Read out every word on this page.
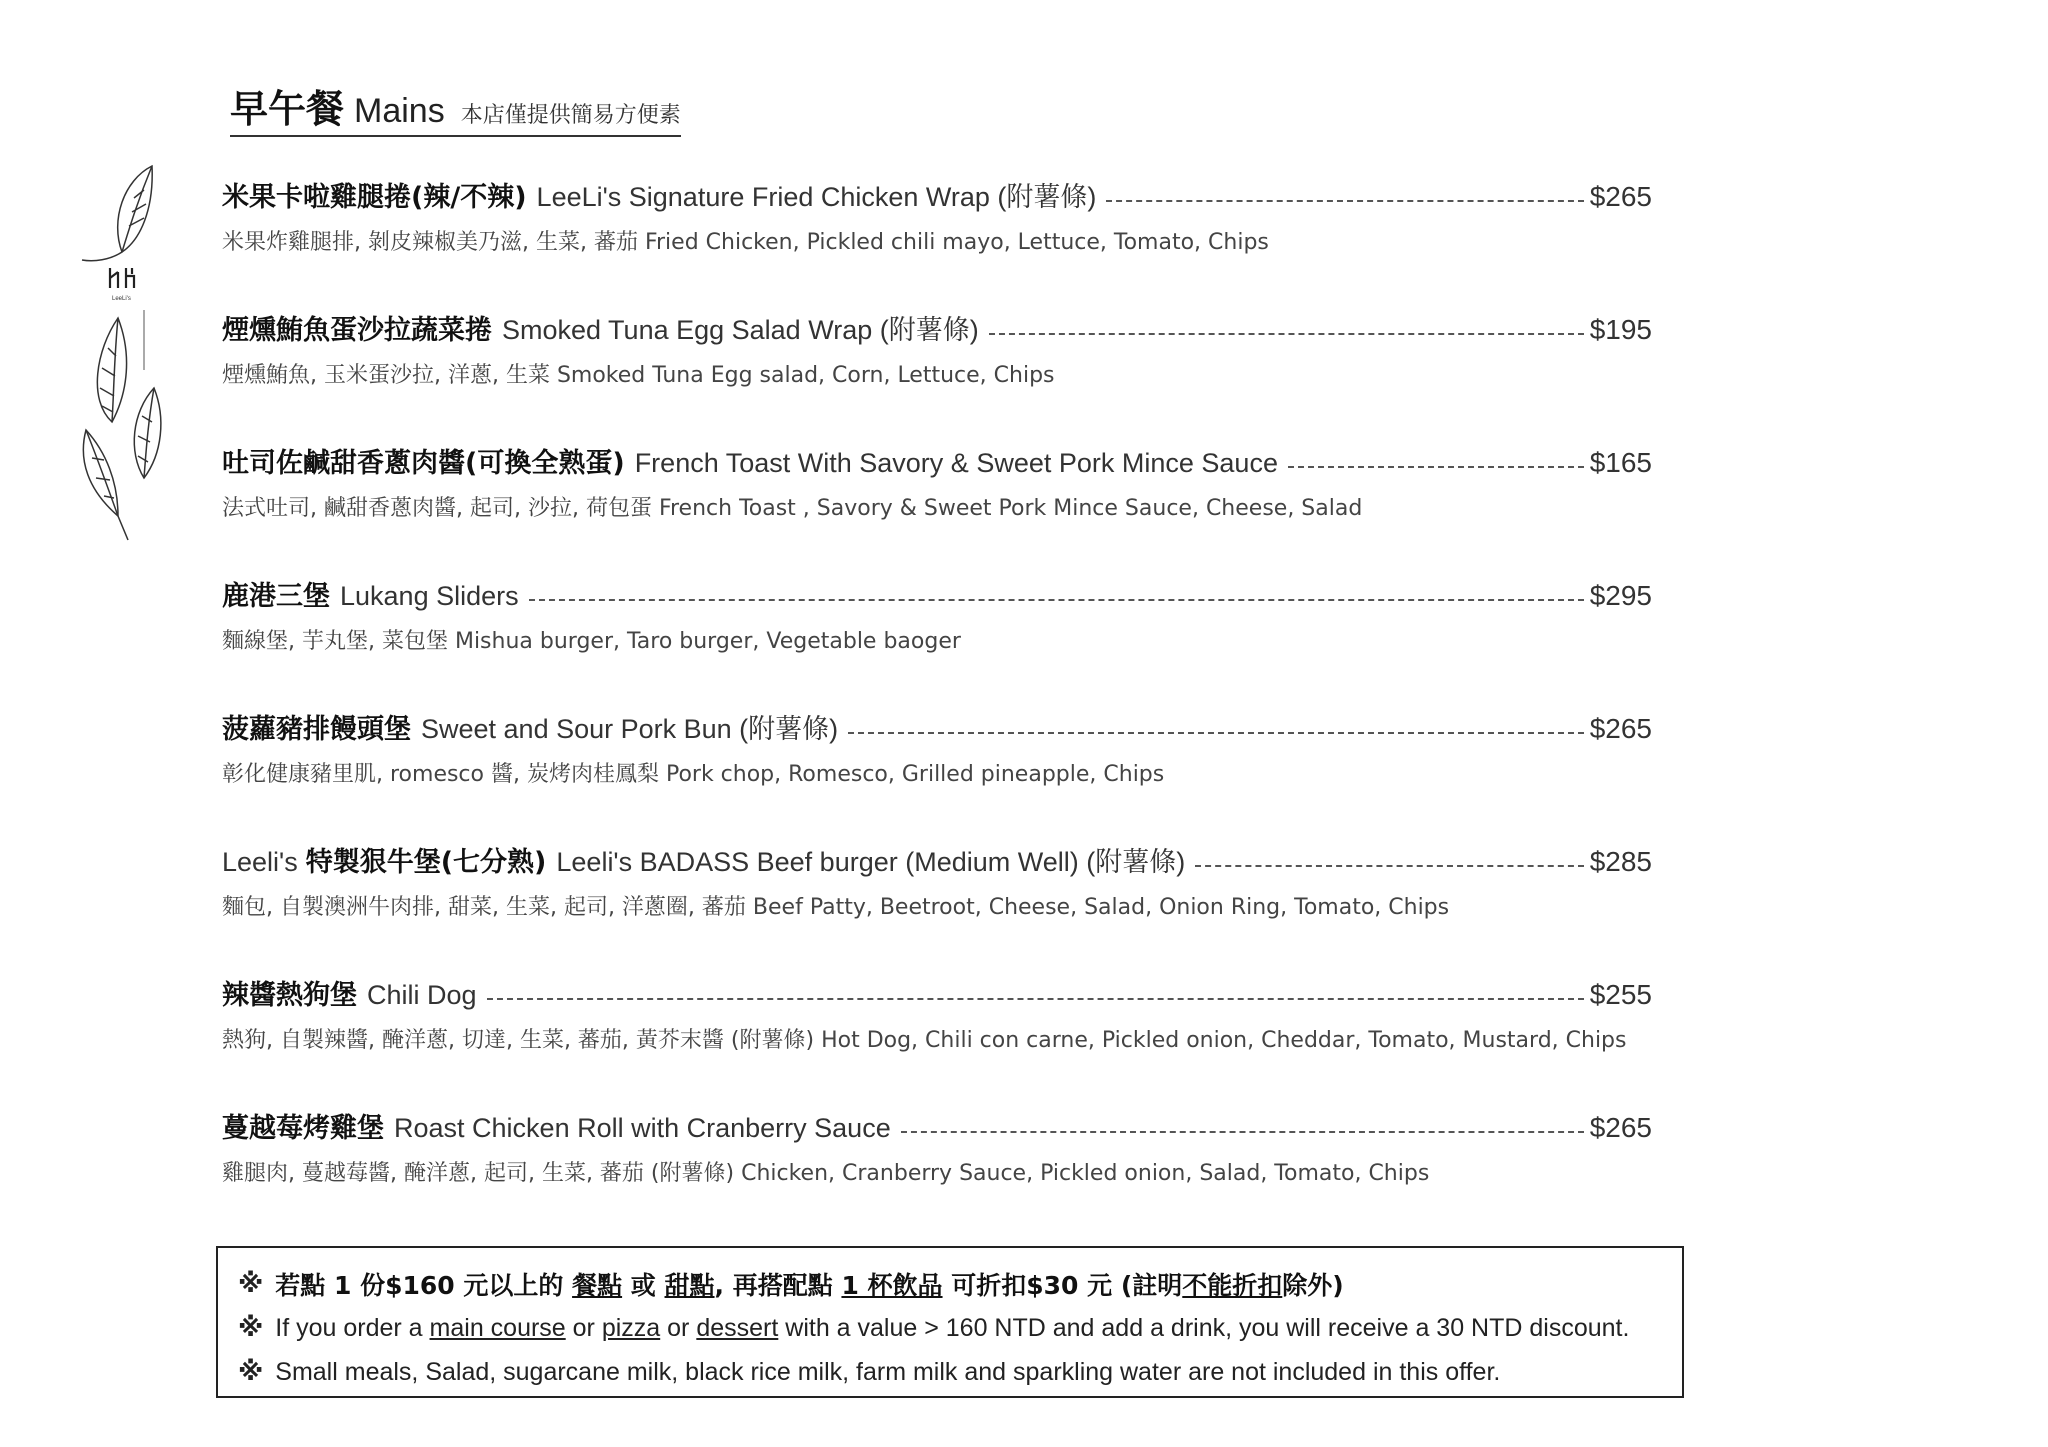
早午餐 Mains 本店僅提供簡易方便素
LeeLi's
米果卡啦雞腿捲(辣/不辣) LeeLi's Signature Fried Chicken Wrap (附薯條)	$265
米果炸雞腿排, 剝皮辣椒美乃滋, 生菜, 蕃茄 Fried Chicken, Pickled chili mayo, Lettuce, Tomato, Chips
煙燻鮪魚蛋沙拉蔬菜捲 Smoked Tuna Egg Salad Wrap (附薯條)	$195
煙燻鮪魚, 玉米蛋沙拉, 洋蔥, 生菜 Smoked Tuna Egg salad, Corn, Lettuce, Chips
吐司佐鹹甜香蔥肉醬(可換全熟蛋) French Toast With Savory & Sweet Pork Mince Sauce	$165
法式吐司, 鹹甜香蔥肉醬, 起司, 沙拉, 荷包蛋 French Toast , Savory & Sweet Pork Mince Sauce, Cheese, Salad
鹿港三堡 Lukang Sliders	$295
麵線堡, 芋丸堡, 菜包堡 Mishua burger, Taro burger, Vegetable baoger
菠蘿豬排饅頭堡 Sweet and Sour Pork Bun (附薯條)	$265
彰化健康豬里肌, romesco 醬, 炭烤肉桂鳳梨 Pork chop, Romesco, Grilled pineapple, Chips
Leeli's 特製狠牛堡(七分熟) Leeli's BADASS Beef burger (Medium Well) (附薯條)	$285
麵包, 自製澳洲牛肉排, 甜菜, 生菜, 起司, 洋蔥圈, 蕃茄 Beef Patty, Beetroot, Cheese, Salad, Onion Ring, Tomato, Chips
辣醬熱狗堡 Chili Dog	$255
熱狗, 自製辣醬, 醃洋蔥, 切達, 生菜, 蕃茄, 黃芥末醬 (附薯條) Hot Dog, Chili con carne, Pickled onion, Cheddar, Tomato, Mustard, Chips
蔓越莓烤雞堡 Roast Chicken Roll with Cranberry Sauce	$265
雞腿肉, 蔓越莓醬, 醃洋蔥, 起司, 生菜, 蕃茄 (附薯條) Chicken, Cranberry Sauce, Pickled onion, Salad, Tomato, Chips
※ 若點 1 份$160 元以上的 餐點 或 甜點, 再搭配點 1 杯飲品 可折扣$30 元 (註明不能折扣除外)
※ If you order a main course or pizza or dessert with a value > 160 NTD and add a drink, you will receive a 30 NTD discount.
※ Small meals, Salad, sugarcane milk, black rice milk, farm milk and sparkling water are not included in this offer.
